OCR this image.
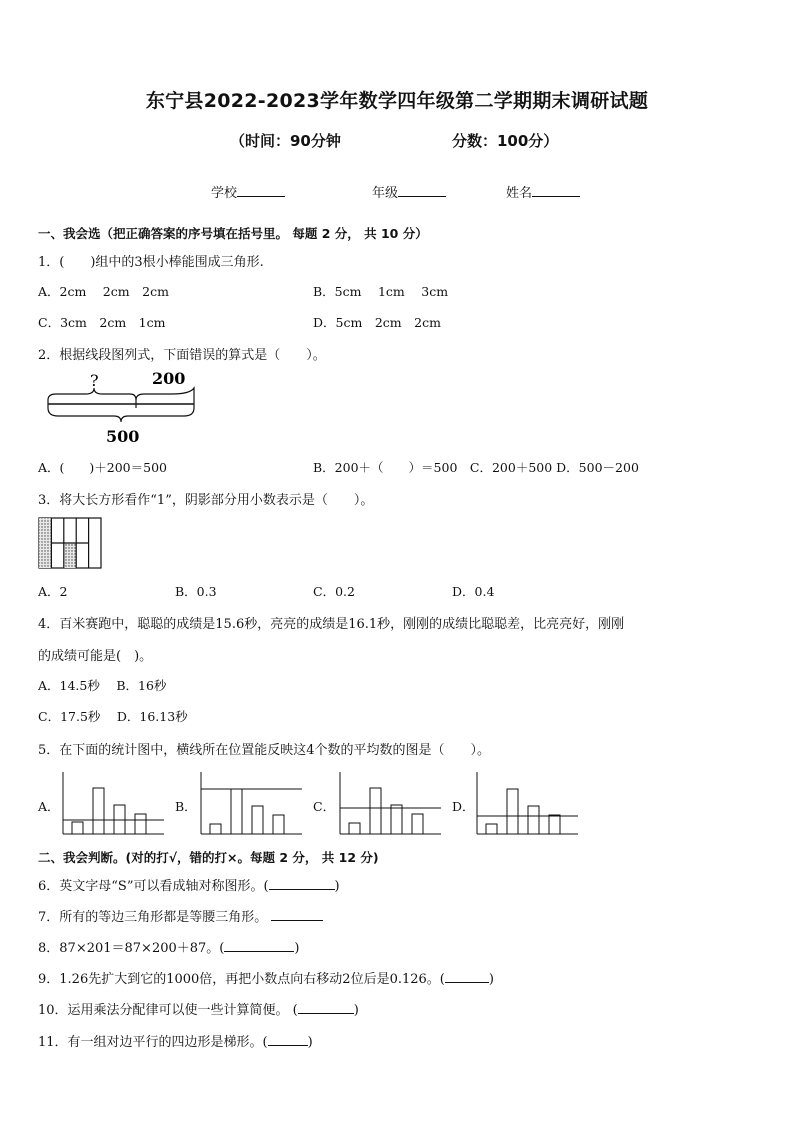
东宁县2022-2023学年数学四年级第二学期期末调研试题
（时间：90分钟	分数：100分）
学校	年级	姓名
一、我会选（把正确答案的序号填在括号里。 每题 2 分， 共 10 分）
1．(　　)组中的3根小棒能围成三角形.
A．2cm　 2cm　2cm	B．5cm　 1cm　 3cm
C．3cm　2cm　1cm	D．5cm　2cm　2cm
2．根据线段图列式，下面错误的算式是（　　）。
?	200
500
A．(　　)＋200＝500	B．200＋（　　）＝500　C．200＋500 D．500－200
3．将大长方形看作“1”，阴影部分用小数表示是（　　）。
A．2	B．0.3	C．0.2	D．0.4
4．百米赛跑中，聪聪的成绩是15.6秒，亮亮的成绩是16.1秒，刚刚的成绩比聪聪差，比亮亮好，刚刚
的成绩可能是(　)。
A．14.5秒　 B．16秒
C．17.5秒　 D．16.13秒
5．在下面的统计图中，横线所在位置能反映这4个数的平均数的图是（　　）。
A．	B．	C．	D．
二、我会判断。(对的打√，错的打×。每题 2 分， 共 12 分)
6．英文字母“S”可以看成轴对称图形。(	)
7．所有的等边三角形都是等腰三角形。
8．87×201＝87×200＋87。(	)
9．1.26先扩大到它的1000倍，再把小数点向右移动2位后是0.126。(	)
10．运用乘法分配律可以使一些计算简便。 (	)
11．有一组对边平行的四边形是梯形。(	)
